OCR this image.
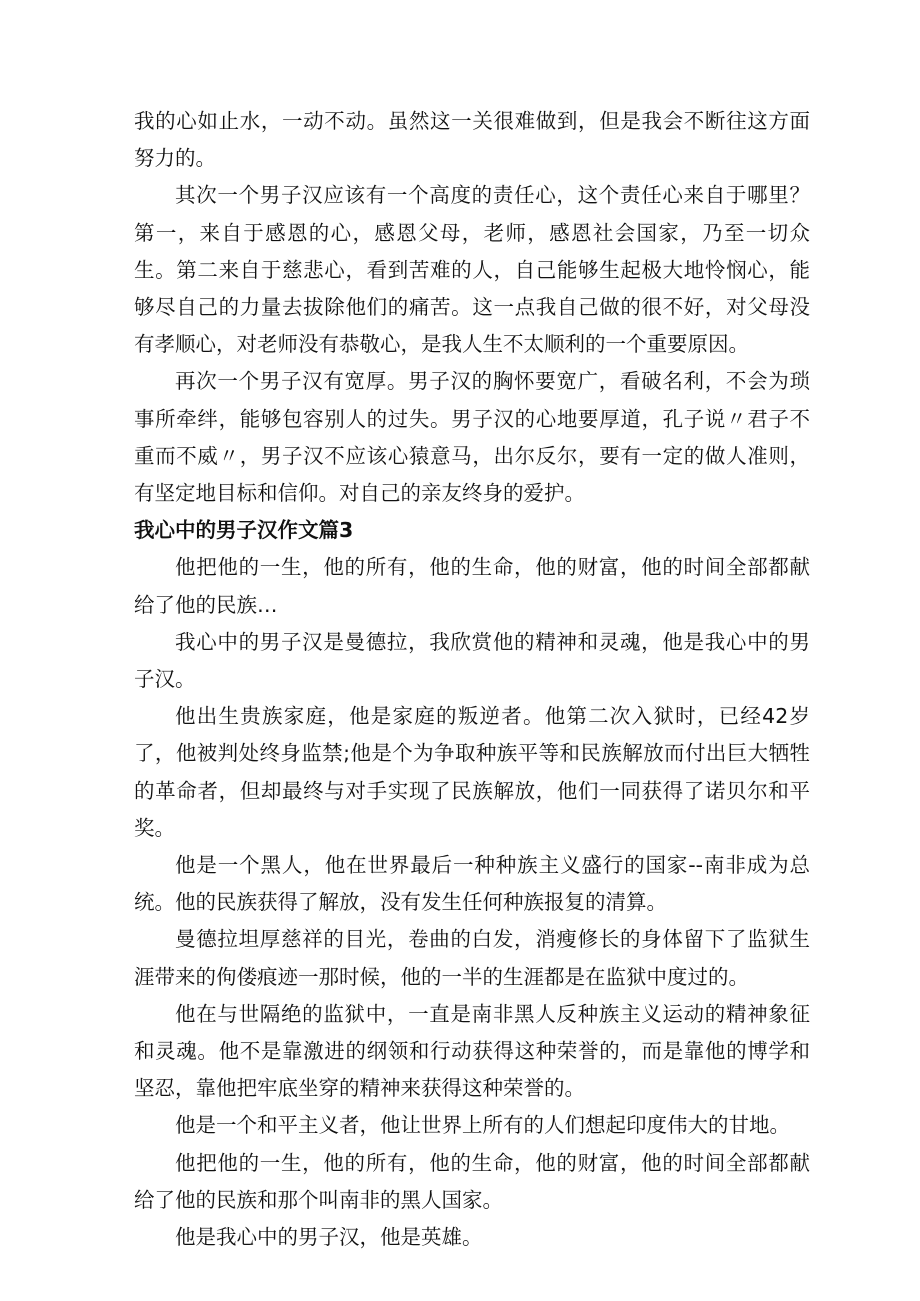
我的心如止水，一动不动。虽然这一关很难做到，但是我会不断往这方面努力的。

其次一个男子汉应该有一个高度的责任心，这个责任心来自于哪里？第一，来自于感恩的心，感恩父母，老师，感恩社会国家，乃至一切众生。第二来自于慈悲心，看到苦难的人，自己能够生起极大地怜悯心，能够尽自己的力量去拔除他们的痛苦。这一点我自己做的很不好，对父母没有孝顺心，对老师没有恭敬心，是我人生不太顺利的一个重要原因。

再次一个男子汉有宽厚。男子汉的胸怀要宽广，看破名利，不会为琐事所牵绊，能够包容别人的过失。男子汉的心地要厚道，孔子说〃君子不重而不威〃，男子汉不应该心猿意马，出尔反尔，要有一定的做人准则，有坚定地目标和信仰。对自己的亲友终身的爱护。

我心中的男子汉作文篇3

他把他的一生，他的所有，他的生命，他的财富，他的时间全部都献给了他的民族…

我心中的男子汉是曼德拉，我欣赏他的精神和灵魂，他是我心中的男子汉。

他出生贵族家庭，他是家庭的叛逆者。他第二次入狱时，已经42岁了，他被判处终身监禁;他是个为争取种族平等和民族解放而付出巨大牺牲的革命者，但却最终与对手实现了民族解放，他们一同获得了诺贝尔和平奖。

他是一个黑人，他在世界最后一种种族主义盛行的国家--南非成为总统。他的民族获得了解放，没有发生任何种族报复的清算。

曼德拉坦厚慈祥的目光，卷曲的白发，消瘦修长的身体留下了监狱生涯带来的佝偻痕迹一那时候，他的一半的生涯都是在监狱中度过的。

他在与世隔绝的监狱中，一直是南非黑人反种族主义运动的精神象征和灵魂。他不是靠激进的纲领和行动获得这种荣誉的，而是靠他的博学和坚忍，靠他把牢底坐穿的精神来获得这种荣誉的。

他是一个和平主义者，他让世界上所有的人们想起印度伟大的甘地。

他把他的一生，他的所有，他的生命，他的财富，他的时间全部都献给了他的民族和那个叫南非的黑人国家。

他是我心中的男子汉，他是英雄。
